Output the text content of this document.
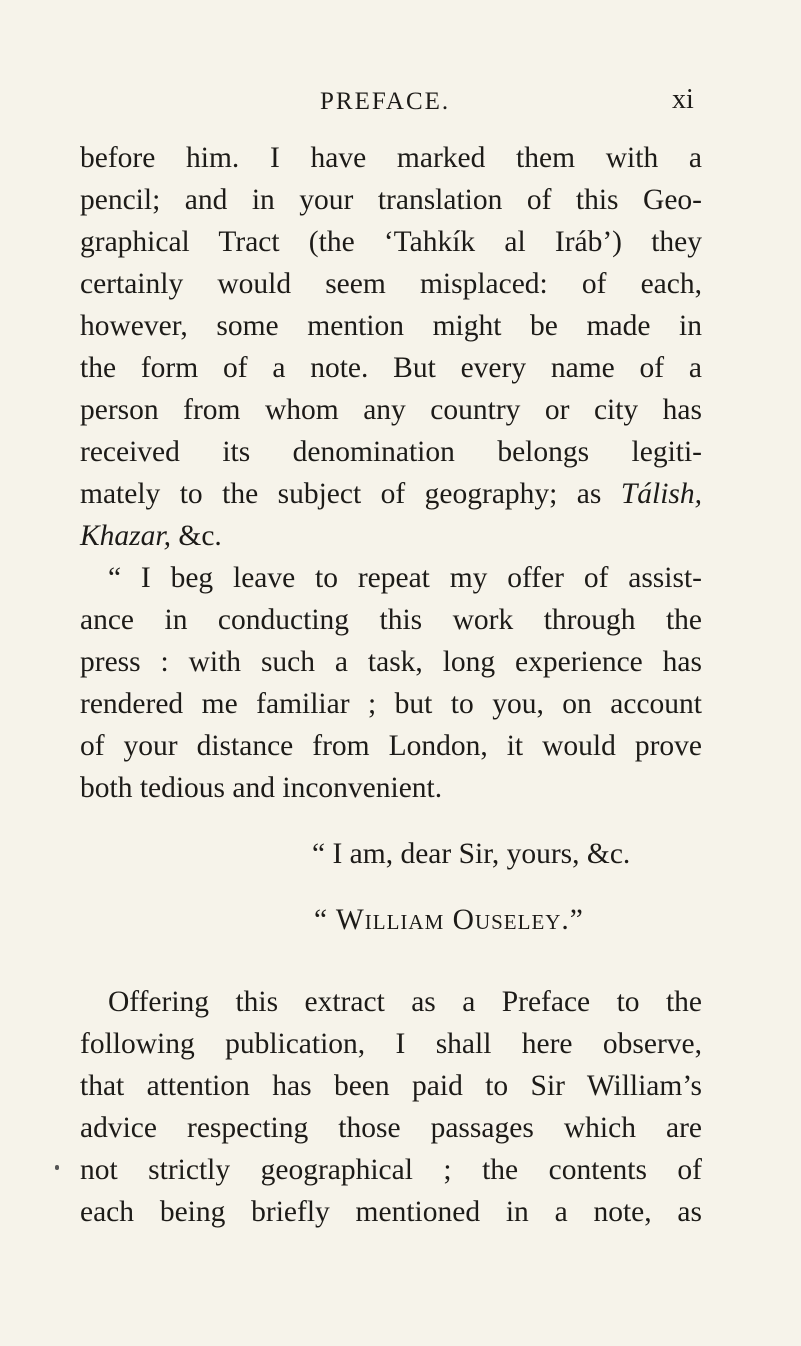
PREFACE.	xi
before him. I have marked them with a
pencil; and in your translation of this Geo-
graphical Tract (the ‘Tahkík al Iráb’) they
certainly would seem misplaced: of each,
however, some mention might be made in
the form of a note. But every name of a
person from whom any country or city has
received its denomination belongs legiti-
mately to the subject of geography; as Tálish,
Khazar, &c.
“ I beg leave to repeat my offer of assist-
ance in conducting this work through the
press : with such a task, long experience has
rendered me familiar ; but to you, on account
of your distance from London, it would prove
both tedious and inconvenient.
“ I am, dear Sir, yours, &c.
“ William Ouseley.”
Offering this extract as a Preface to the
following publication, I shall here observe,
that attention has been paid to Sir William’s
advice respecting those passages which are
not strictly geographical ; the contents of
each being briefly mentioned in a note, as
